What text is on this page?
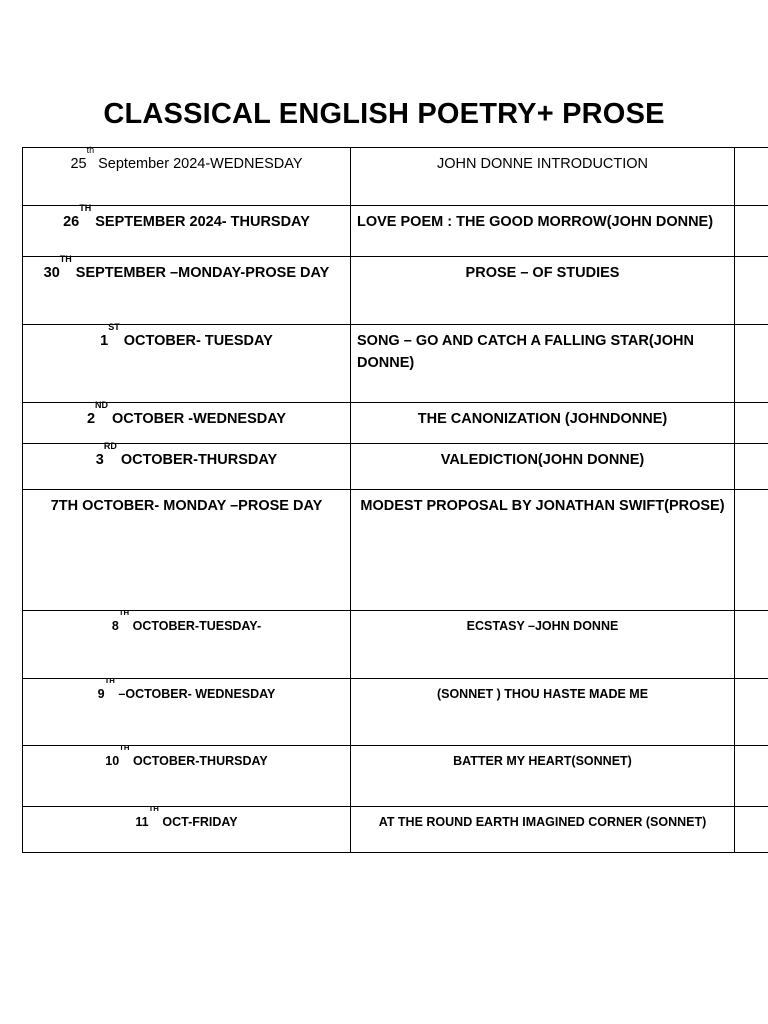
CLASSICAL ENGLISH POETRY+ PROSE
25th September 2024-WEDNESDAY	JOHN DONNE INTRODUCTION	

26TH SEPTEMBER 2024- THURSDAY	LOVE POEM : THE GOOD MORROW(JOHN DONNE)	

30TH SEPTEMBER –MONDAY-PROSE DAY	PROSE – OF STUDIES	

1ST OCTOBER- TUESDAY	SONG – GO AND CATCH A FALLING STAR(JOHN DONNE)	

2ND OCTOBER -WEDNESDAY	THE CANONIZATION (JOHNDONNE)	

3RD OCTOBER-THURSDAY	VALEDICTION(JOHN DONNE)	

7TH OCTOBER- MONDAY –PROSE DAY	MODEST PROPOSAL BY JONATHAN SWIFT(PROSE)	

8TH OCTOBER-TUESDAY-	ECSTASY –JOHN DONNE	

9TH –OCTOBER- WEDNESDAY	(SONNET ) THOU HASTE MADE ME	

10TH OCTOBER-THURSDAY	BATTER MY HEART(SONNET)	

11TH OCT-FRIDAY	AT THE ROUND EARTH IMAGINED CORNER (SONNET)	
